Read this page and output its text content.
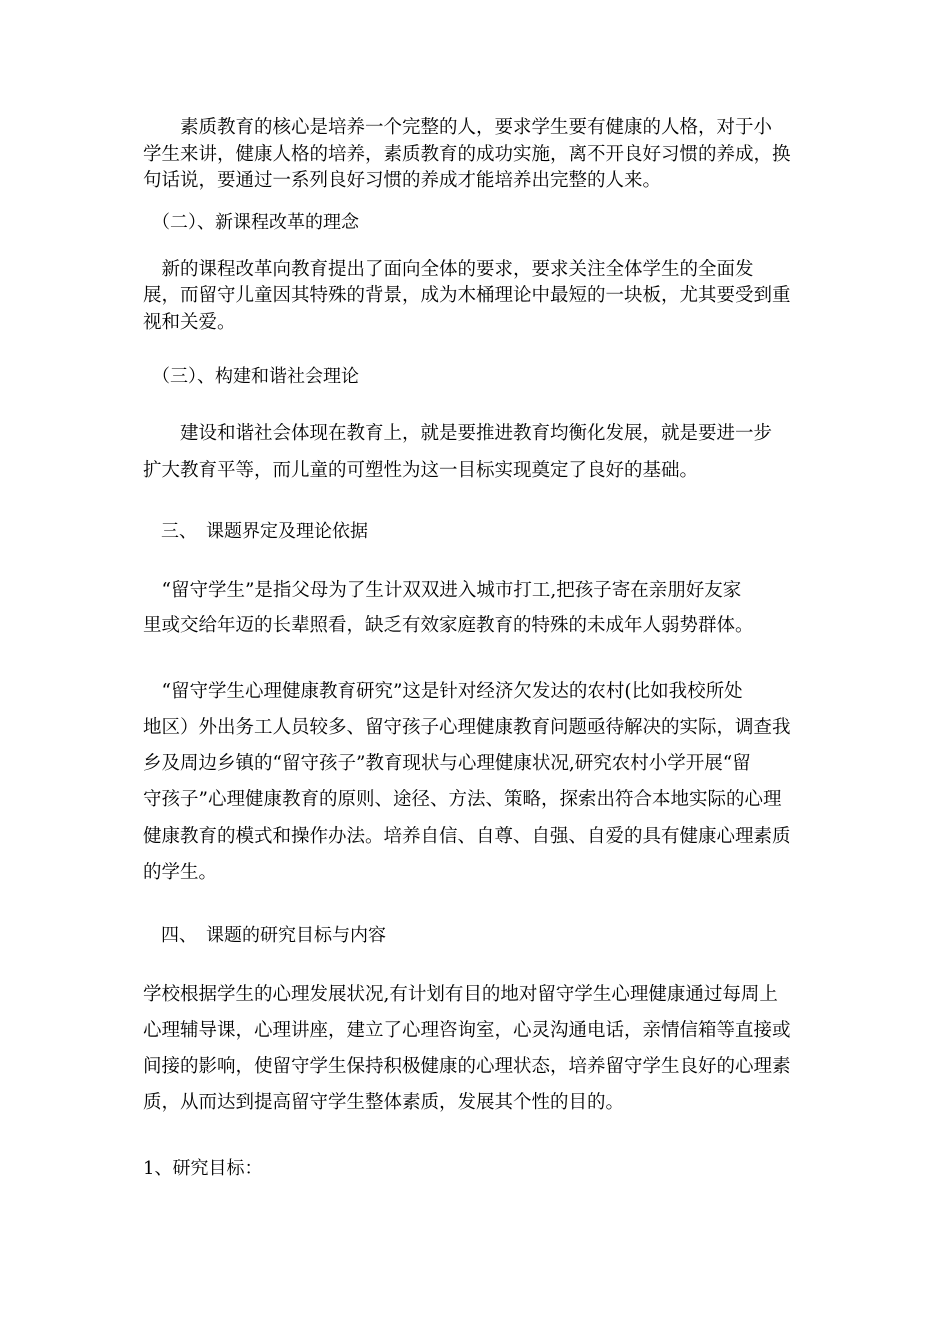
　　素质教育的核心是培养一个完整的人，要求学生要有健康的人格，对于小

学生来讲，健康人格的培养，素质教育的成功实施，离不开良好习惯的养成，换

句话说，要通过一系列良好习惯的养成才能培养出完整的人来。

　（二）、新课程改革的理念

　新的课程改革向教育提出了面向全体的要求，要求关注全体学生的全面发

展，而留守儿童因其特殊的背景，成为木桶理论中最短的一块板，尤其要受到重

视和关爱。

　（三）、构建和谐社会理论

　　建设和谐社会体现在教育上，就是要推进教育均衡化发展，就是要进一步

扩大教育平等，而儿童的可塑性为这一目标实现奠定了良好的基础。

　三、　课题界定及理论依据

　“留守学生”是指父母为了生计双双进入城市打工,把孩子寄在亲朋好友家

里或交给年迈的长辈照看，缺乏有效家庭教育的特殊的未成年人弱势群体。

　“留守学生心理健康教育研究”这是针对经济欠发达的农村(比如我校所处

地区）外出务工人员较多、留守孩子心理健康教育问题亟待解决的实际，调查我

乡及周边乡镇的“留守孩子”教育现状与心理健康状况,研究农村小学开展“留

守孩子”心理健康教育的原则、途径、方法、策略，探索出符合本地实际的心理

健康教育的模式和操作办法。培养自信、自尊、自强、自爱的具有健康心理素质

的学生。

　四、　课题的研究目标与内容

学校根据学生的心理发展状况,有计划有目的地对留守学生心理健康通过每周上

心理辅导课，心理讲座，建立了心理咨询室，心灵沟通电话，亲情信箱等直接或

间接的影响，使留守学生保持积极健康的心理状态，培养留守学生良好的心理素

质，从而达到提高留守学生整体素质，发展其个性的目的。

1、研究目标：
